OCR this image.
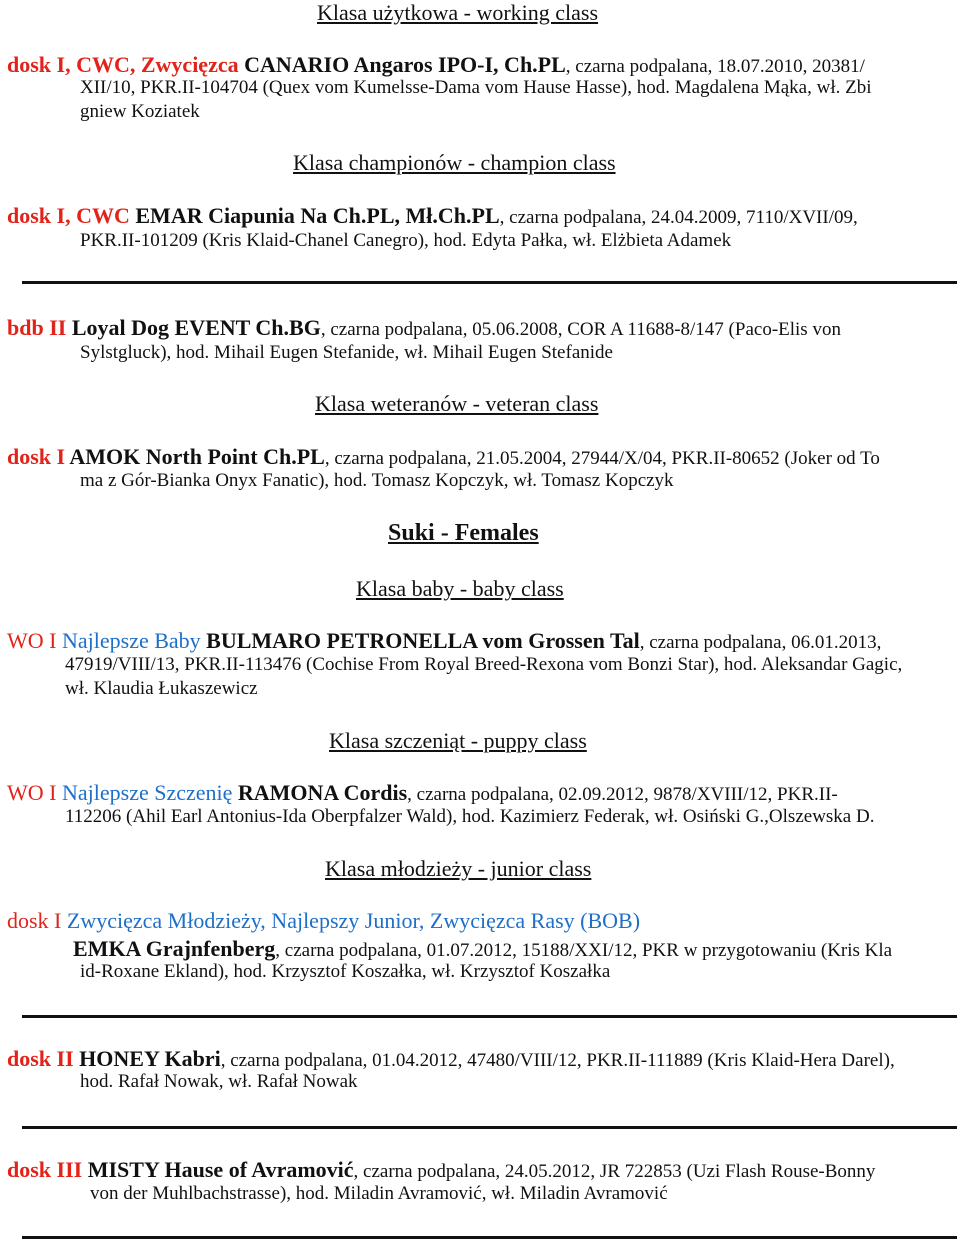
Klasa użytkowa - working class
dosk I, CWC, Zwycięzca CANARIO Angaros IPO-I, Ch.PL, czarna podpalana, 18.07.2010, 20381/
XII/10, PKR.II-104704 (Quex vom Kumelsse-Dama vom Hause Hasse), hod. Magdalena Mąka, wł. Zbi
gniew Koziatek
Klasa championów - champion class
dosk I, CWC EMAR Ciapunia Na Ch.PL, Mł.Ch.PL, czarna podpalana, 24.04.2009, 7110/XVII/09,
PKR.II-101209 (Kris Klaid-Chanel Canegro), hod. Edyta Pałka, wł. Elżbieta Adamek
bdb II Loyal Dog EVENT Ch.BG, czarna podpalana, 05.06.2008, COR A 11688-8/147 (Paco-Elis von
Sylstgluck), hod. Mihail Eugen Stefanide, wł. Mihail Eugen Stefanide
Klasa weteranów - veteran class
dosk I AMOK North Point Ch.PL, czarna podpalana, 21.05.2004, 27944/X/04, PKR.II-80652 (Joker od To
ma z Gór-Bianka Onyx Fanatic), hod. Tomasz Kopczyk, wł. Tomasz Kopczyk
Suki - Females
Klasa baby - baby class
WO I Najlepsze Baby BULMARO PETRONELLA vom Grossen Tal, czarna podpalana, 06.01.2013,
47919/VIII/13, PKR.II-113476 (Cochise From Royal Breed-Rexona vom Bonzi Star), hod. Aleksandar Gagic,
wł. Klaudia Łukaszewicz
Klasa szczeniąt - puppy class
WO I Najlepsze Szczenię RAMONA Cordis, czarna podpalana, 02.09.2012, 9878/XVIII/12, PKR.II-
112206 (Ahil Earl Antonius-Ida Oberpfalzer Wald), hod. Kazimierz Federak, wł. Osiński G.,Olszewska D.
Klasa młodzieży - junior class
dosk I Zwycięzca Młodzieży, Najlepszy Junior, Zwycięzca Rasy (BOB)
EMKA Grajnfenberg, czarna podpalana, 01.07.2012, 15188/XXI/12, PKR w przygotowaniu (Kris Kla
id-Roxane Ekland), hod. Krzysztof Koszałka, wł. Krzysztof Koszałka
dosk II HONEY Kabri, czarna podpalana, 01.04.2012, 47480/VIII/12, PKR.II-111889 (Kris Klaid-Hera Darel),
hod. Rafał Nowak, wł. Rafał Nowak
dosk III MISTY Hause of Avramović, czarna podpalana, 24.05.2012, JR 722853 (Uzi Flash Rouse-Bonny
von der Muhlbachstrasse), hod. Miladin Avramović, wł. Miladin Avramović
